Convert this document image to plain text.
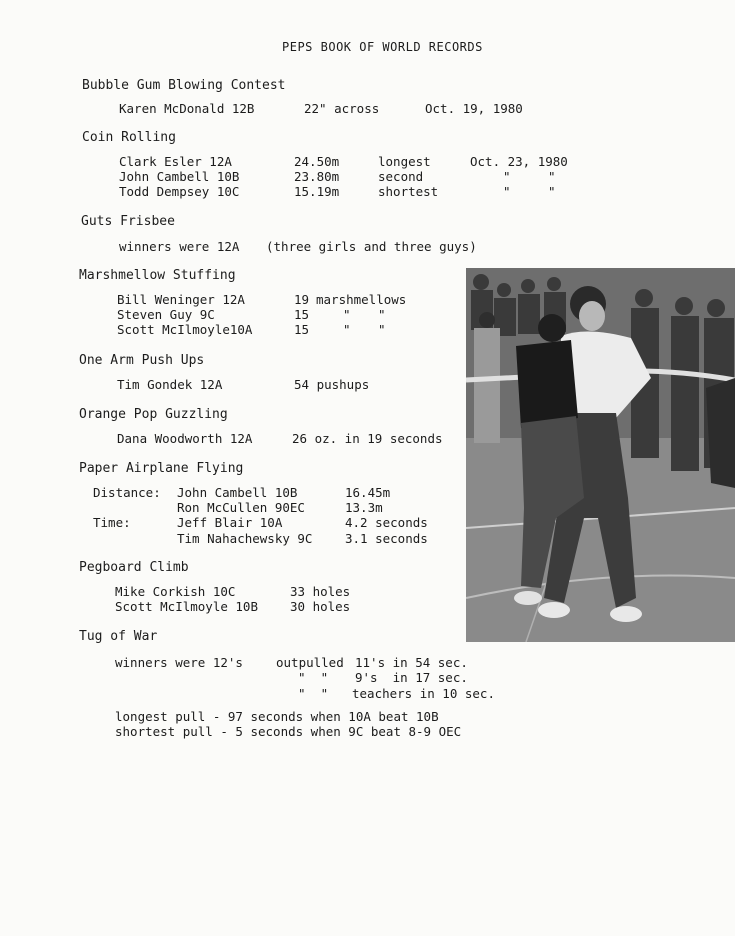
PEPS BOOK OF WORLD RECORDS
Bubble Gum Blowing Contest
Karen McDonald 12B	22" across	Oct. 19, 1980
Coin Rolling
Clark Esler 12A	24.50m	longest	Oct. 23, 1980
John Cambell 10B	23.80m	second	"	"
Todd Dempsey 10C	15.19m	shortest	"	"
Guts Frisbee
winners were 12A (three girls and three guys)
Marshmellow Stuffing
Bill Weninger 12A	19 marshmellows
Steven Guy 9C	15	" "
Scott McIlmoyle10A	15	" "
One Arm Push Ups
Tim Gondek 12A	54 pushups
Orange Pop Guzzling
Dana Woodworth 12A	26 oz. in 19 seconds
Paper Airplane Flying
Distance: John Cambell 10B	16.45m
Ron McCullen 90EC	13.3m
Time:	Jeff Blair 10A	4.2 seconds
Tim Nahachewsky 9C	3.1 seconds
Pegboard Climb
Mike Corkish 10C	33 holes
Scott McIlmoyle 10B	30 holes
Tug of War
winners were 12's	outpulled 11's in 54 sec.
"  " 9's  in 17 sec.
"  " teachers in 10 sec.
longest pull - 97 seconds when 10A beat 10B
shortest pull - 5 seconds when 9C beat 8-9 OEC
